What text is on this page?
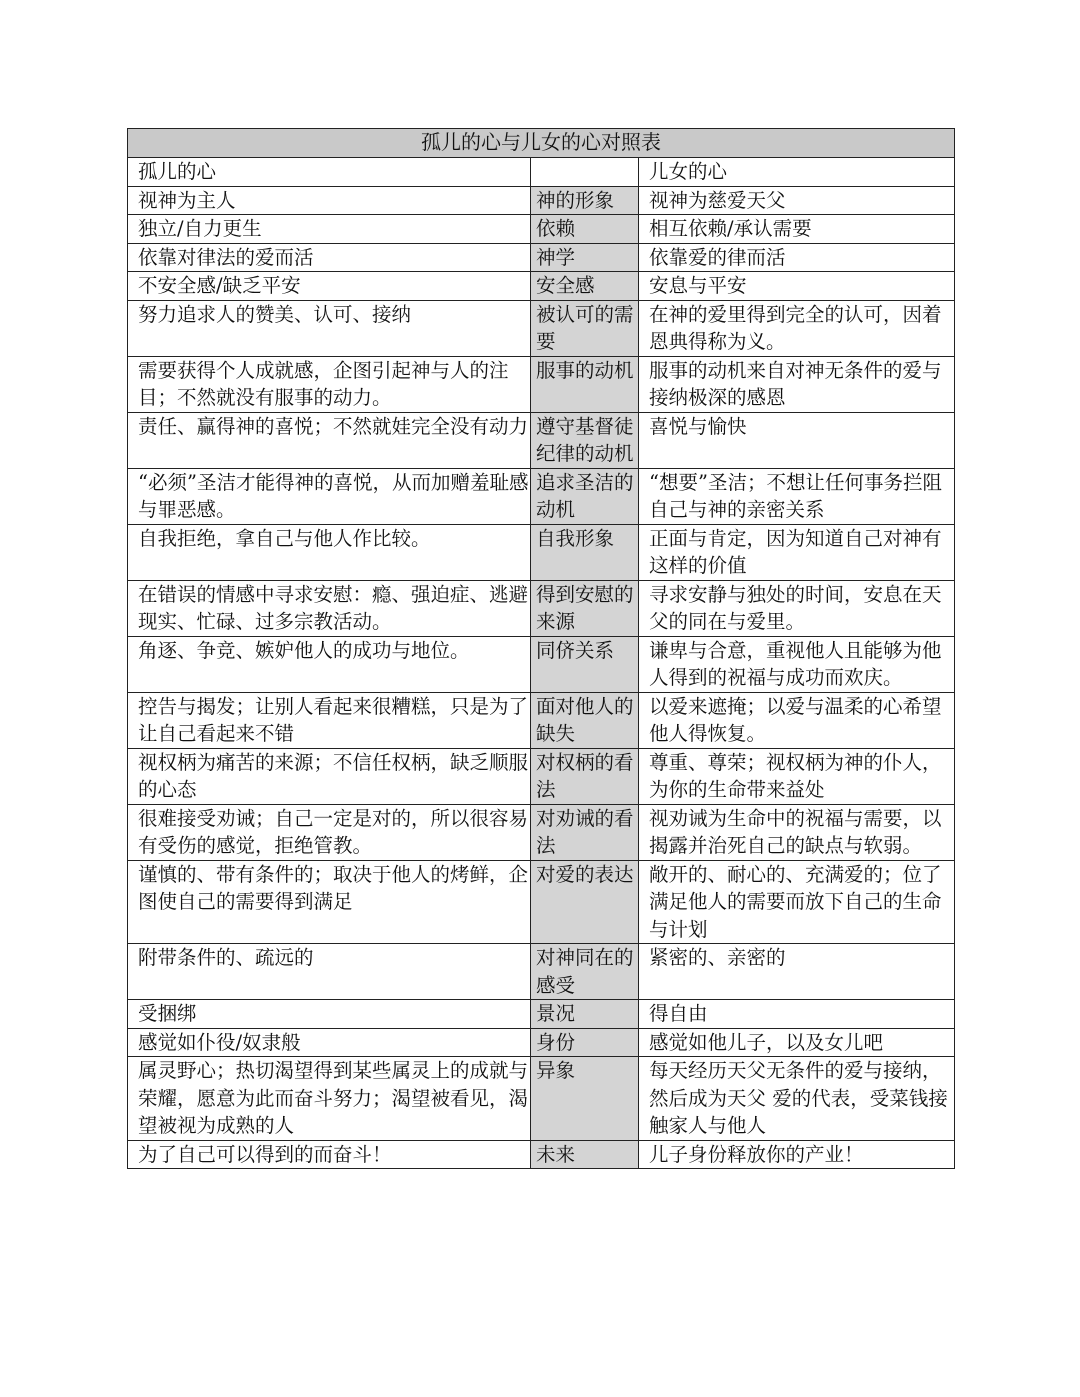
孤儿的心与儿女的心对照表		
孤儿的心		儿女的心
视神为主人	神的形象	视神为慈爱天父
独立/自力更生	依赖	相互依赖/承认需要
依靠对律法的爱而活	神学	依靠爱的律而活
不安全感/缺乏平安	安全感	安息与平安
努力追求人的赞美、认可、接纳	被认可的需要	在神的爱里得到完全的认可，因着恩典得称为义。
需要获得个人成就感，企图引起神与人的注目；不然就没有服事的动力。	服事的动机	服事的动机来自对神无条件的爱与接纳极深的感恩
责任、赢得神的喜悦；不然就娃完全没有动力	遵守基督徒纪律的动机	喜悦与愉快
“必须”圣洁才能得神的喜悦，从而加赠羞耻感与罪恶感。	追求圣洁的动机	“想要”圣洁；不想让任何事务拦阻自己与神的亲密关系
自我拒绝，拿自己与他人作比较。	自我形象	正面与肯定，因为知道自己对神有这样的价值
在错误的情感中寻求安慰：瘾、强迫症、逃避现实、忙碌、过多宗教活动。	得到安慰的来源	寻求安静与独处的时间，安息在天父的同在与爱里。
角逐、争竞、嫉妒他人的成功与地位。	同侪关系	谦卑与合意，重视他人且能够为他人得到的祝福与成功而欢庆。
控告与揭发；让别人看起来很糟糕，只是为了让自己看起来不错	面对他人的缺失	以爱来遮掩；以爱与温柔的心希望他人得恢复。
视权柄为痛苦的来源；不信任权柄，缺乏顺服的心态	对权柄的看法	尊重、尊荣；视权柄为神的仆人，为你的生命带来益处
很难接受劝诫；自己一定是对的，所以很容易有受伤的感觉，拒绝管教。	对劝诫的看法	视劝诫为生命中的祝福与需要，以揭露并治死自己的缺点与软弱。
谨慎的、带有条件的；取决于他人的烤鲜，企图使自己的需要得到满足	对爱的表达	敞开的、耐心的、充满爱的；位了满足他人的需要而放下自己的生命与计划
附带条件的、疏远的	对神同在的感受	紧密的、亲密的
受捆绑	景况	得自由
感觉如仆役/奴隶般	身份	感觉如他儿子，以及女儿吧
属灵野心；热切渴望得到某些属灵上的成就与荣耀，愿意为此而奋斗努力；渴望被看见，渴望被视为成熟的人	异象	每天经历天父无条件的爱与接纳，然后成为天父 爱的代表，受菜钱接触家人与他人
为了自己可以得到的而奋斗！	未来	儿子身份释放你的产业！
